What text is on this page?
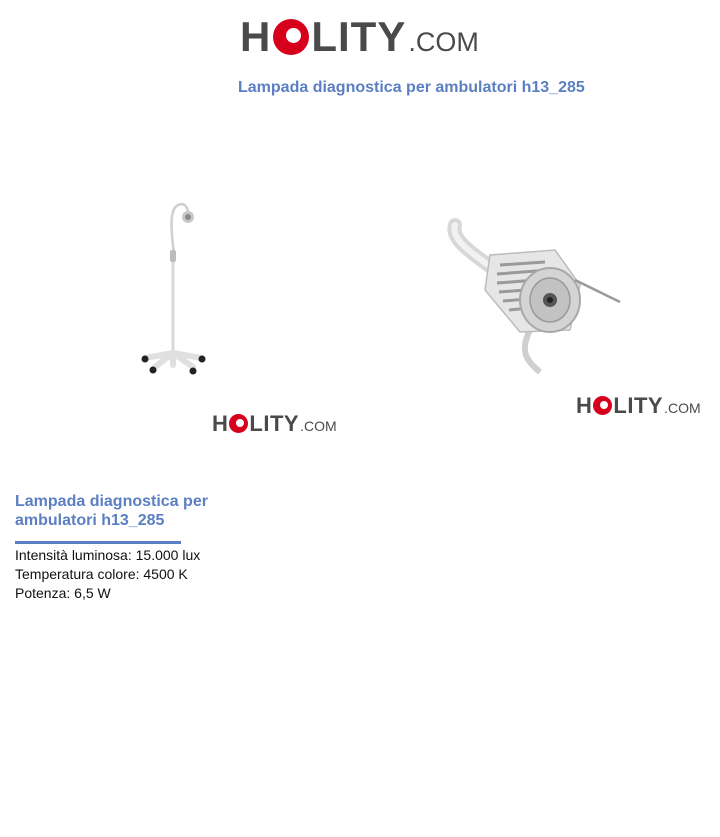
H LITY .COM
Lampada diagnostica per ambulatori h13_285
H LITY .COM
H LITY .COM
Lampada diagnostica per ambulatori h13_285
Intensità luminosa: 15.000 lux
Temperatura colore: 4500 K
Potenza: 6,5 W
